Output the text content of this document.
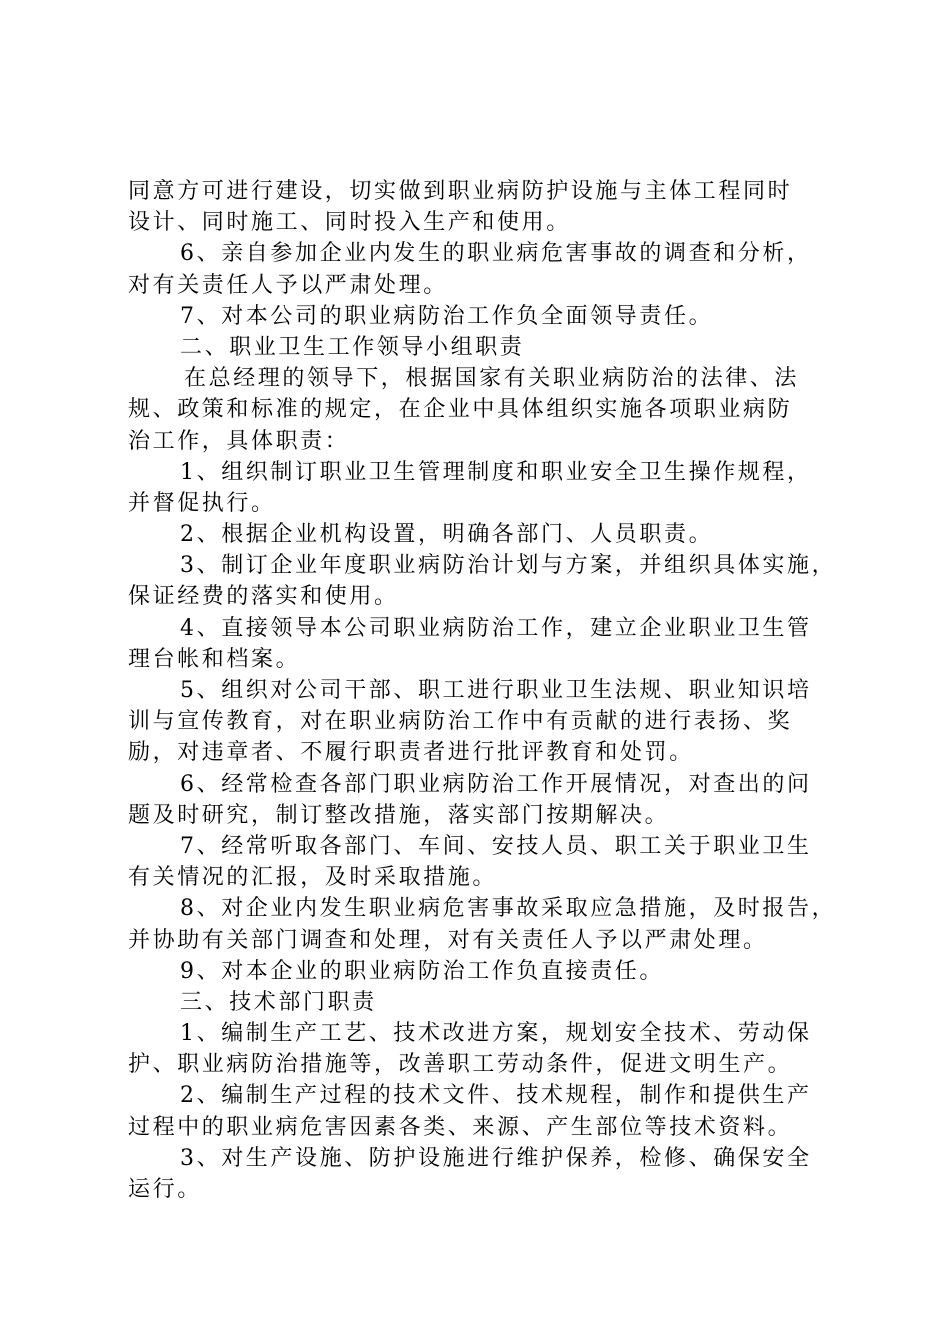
同意方可进行建设，切实做到职业病防护设施与主体工程同时
设计、同时施工、同时投入生产和使用。
6、亲自参加企业内发生的职业病危害事故的调查和分析，
对有关责任人予以严肃处理。
7、对本公司的职业病防治工作负全面领导责任。
二、职业卫生工作领导小组职责
在总经理的领导下，根据国家有关职业病防治的法律、法
规、政策和标准的规定，在企业中具体组织实施各项职业病防
治工作，具体职责：
1、组织制订职业卫生管理制度和职业安全卫生操作规程，
并督促执行。
2、根据企业机构设置，明确各部门、人员职责。
3、制订企业年度职业病防治计划与方案，并组织具体实施，
保证经费的落实和使用。
4、直接领导本公司职业病防治工作，建立企业职业卫生管
理台帐和档案。
5、组织对公司干部、职工进行职业卫生法规、职业知识培
训与宣传教育，对在职业病防治工作中有贡献的进行表扬、奖
励，对违章者、不履行职责者进行批评教育和处罚。
6、经常检查各部门职业病防治工作开展情况，对查出的问
题及时研究，制订整改措施，落实部门按期解决。
7、经常听取各部门、车间、安技人员、职工关于职业卫生
有关情况的汇报，及时采取措施。
8、对企业内发生职业病危害事故采取应急措施，及时报告，
并协助有关部门调查和处理，对有关责任人予以严肃处理。
9、对本企业的职业病防治工作负直接责任。
三、技术部门职责
1、编制生产工艺、技术改进方案，规划安全技术、劳动保
护、职业病防治措施等，改善职工劳动条件，促进文明生产。
2、编制生产过程的技术文件、技术规程，制作和提供生产
过程中的职业病危害因素各类、来源、产生部位等技术资料。
3、对生产设施、防护设施进行维护保养，检修、确保安全
运行。
